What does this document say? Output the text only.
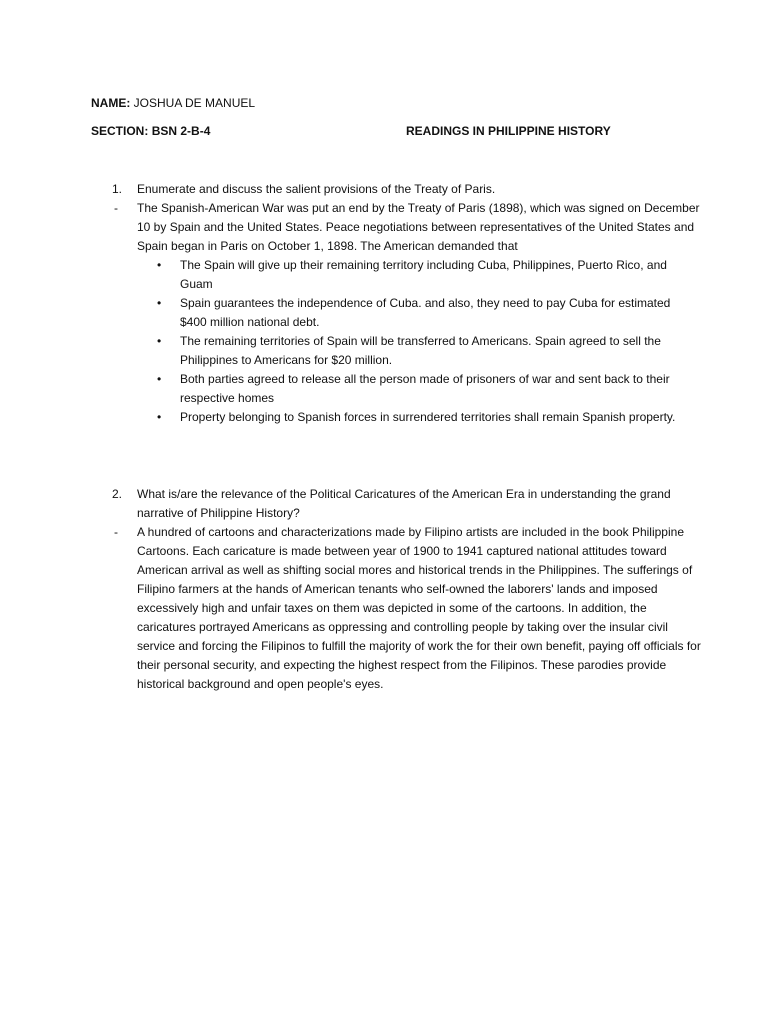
NAME: JOSHUA DE MANUEL
SECTION: BSN 2-B-4	READINGS IN PHILIPPINE HISTORY
1. Enumerate and discuss the salient provisions of the Treaty of Paris.
- The Spanish-American War was put an end by the Treaty of Paris (1898), which was signed on December 10 by Spain and the United States. Peace negotiations between representatives of the United States and Spain began in Paris on October 1, 1898. The American demanded that
• The Spain will give up their remaining territory including Cuba, Philippines, Puerto Rico, and Guam
• Spain guarantees the independence of Cuba. and also, they need to pay Cuba for estimated $400 million national debt.
• The remaining territories of Spain will be transferred to Americans. Spain agreed to sell the Philippines to Americans for $20 million.
• Both parties agreed to release all the person made of prisoners of war and sent back to their respective homes
• Property belonging to Spanish forces in surrendered territories shall remain Spanish property.
2. What is/are the relevance of the Political Caricatures of the American Era in understanding the grand narrative of Philippine History?
- A hundred of cartoons and characterizations made by Filipino artists are included in the book Philippine Cartoons. Each caricature is made between year of 1900 to 1941 captured national attitudes toward American arrival as well as shifting social mores and historical trends in the Philippines. The sufferings of Filipino farmers at the hands of American tenants who self-owned the laborers' lands and imposed excessively high and unfair taxes on them was depicted in some of the cartoons. In addition, the caricatures portrayed Americans as oppressing and controlling people by taking over the insular civil service and forcing the Filipinos to fulfill the majority of work the for their own benefit, paying off officials for their personal security, and expecting the highest respect from the Filipinos. These parodies provide historical background and open people's eyes.
